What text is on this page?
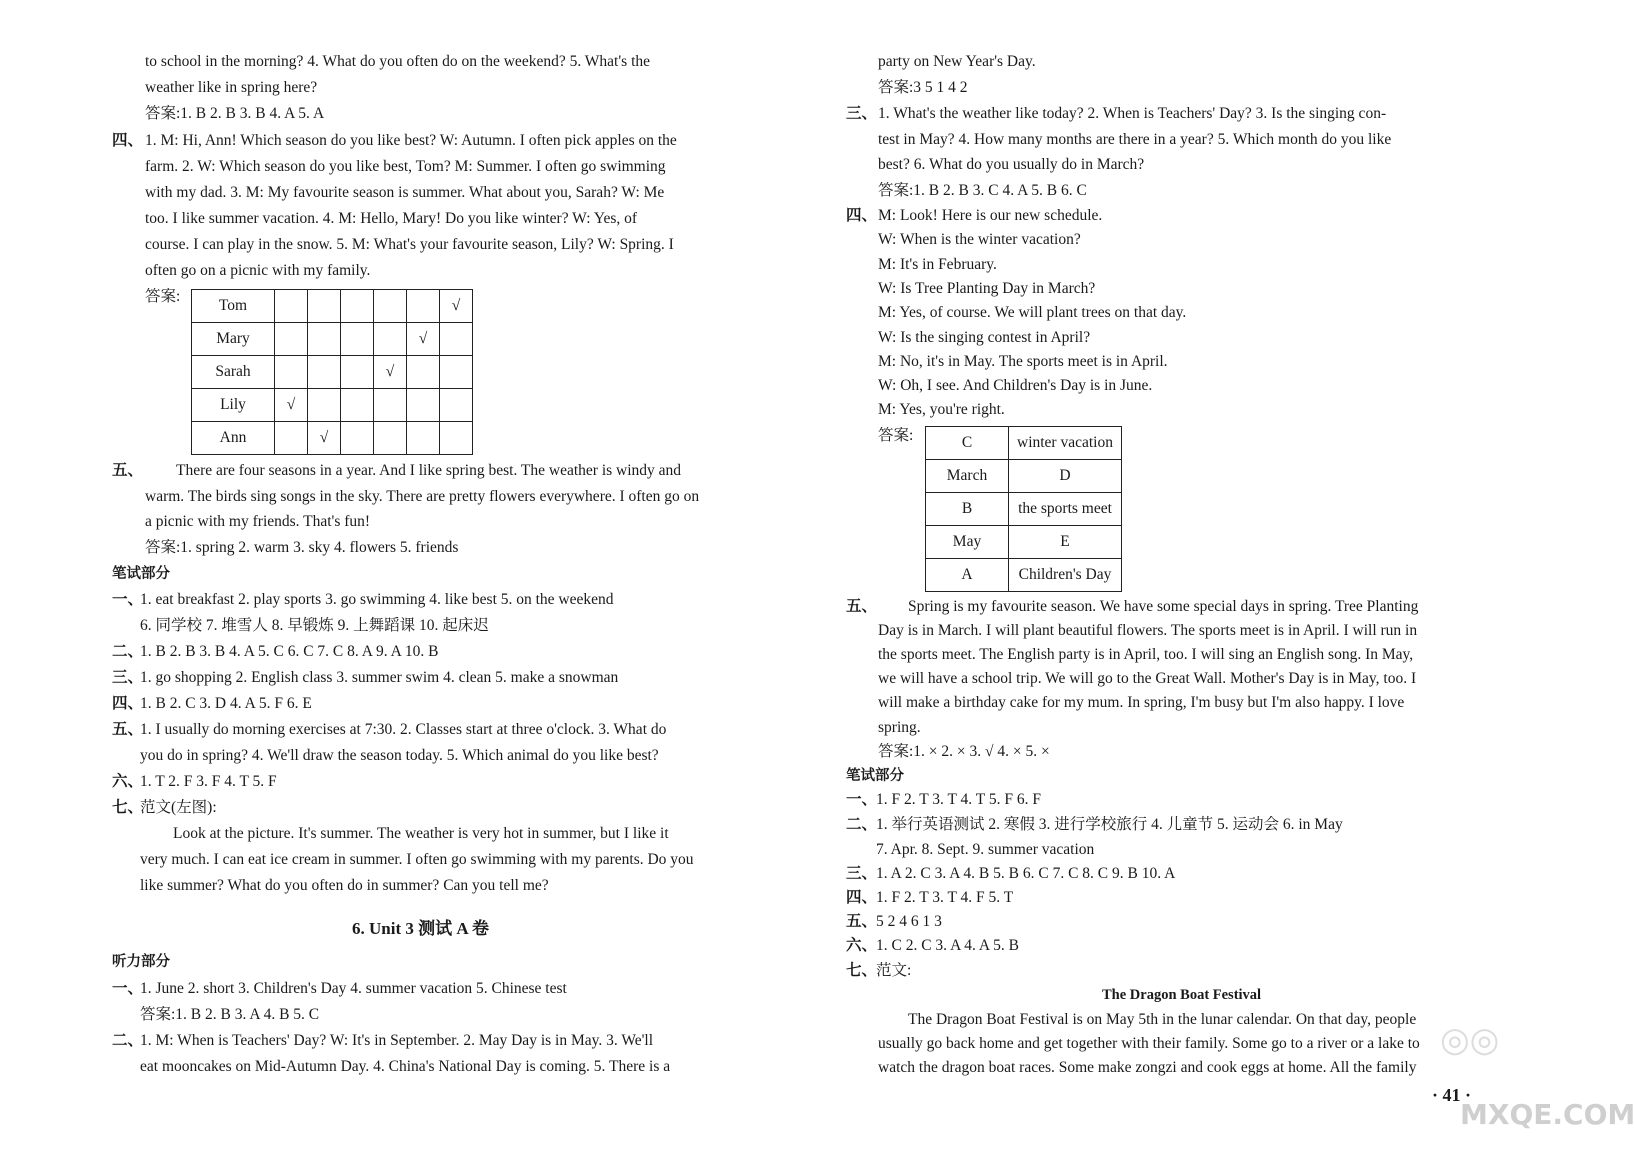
to school in the morning? 4. What do you often do on the weekend? 5. What's the
weather like in spring here?
答案:1. B 2. B 3. B 4. A 5. A
四、 1. M: Hi, Ann! Which season do you like best? W: Autumn. I often pick apples on the
farm. 2. W: Which season do you like best, Tom? M: Summer. I often go swimming
with my dad. 3. M: My favourite season is summer. What about you, Sarah? W: Me
too. I like summer vacation. 4. M: Hello, Mary! Do you like winter? W: Yes, of
course. I can play in the snow. 5. M: What's your favourite season, Lily? W: Spring. I
often go on a picnic with my family.
答案:
Tom						√
Mary					√	
Sarah				√		
Lily	√					
Ann		√				
五、 There are four seasons in a year. And I like spring best. The weather is windy and
warm. The birds sing songs in the sky. There are pretty flowers everywhere. I often go on
a picnic with my friends. That's fun!
答案:1. spring 2. warm 3. sky 4. flowers 5. friends
笔试部分
一、
1. eat breakfast 2. play sports 3. go swimming 4. like best 5. on the weekend
6. 同学校 7. 堆雪人 8. 早锻炼 9. 上舞蹈课 10. 起床迟
二、
1. B 2. B 3. B 4. A 5. C 6. C 7. C 8. A 9. A 10. B
三、
1. go shopping 2. English class 3. summer swim 4. clean 5. make a snowman
四、
1. B 2. C 3. D 4. A 5. F 6. E
五、
1. I usually do morning exercises at 7:30. 2. Classes start at three o'clock. 3. What do
you do in spring? 4. We'll draw the season today. 5. Which animal do you like best?
六、
1. T 2. F 3. F 4. T 5. F
七、
范文(左图):
Look at the picture. It's summer. The weather is very hot in summer, but I like it
very much. I can eat ice cream in summer. I often go swimming with my parents. Do you
like summer? What do you often do in summer? Can you tell me?
6. Unit 3 测试 A 卷
听力部分
一、
1. June 2. short 3. Children's Day 4. summer vacation 5. Chinese test
答案:1. B 2. B 3. A 4. B 5. C
二、
1. M: When is Teachers' Day? W: It's in September. 2. May Day is in May. 3. We'll
eat mooncakes on Mid-Autumn Day. 4. China's National Day is coming. 5. There is a
party on New Year's Day.
答案:3 5 1 4 2
三、 1. What's the weather like today? 2. When is Teachers' Day? 3. Is the singing con-
test in May? 4. How many months are there in a year? 5. Which month do you like
best? 6. What do you usually do in March?
答案:1. B 2. B 3. C 4. A 5. B 6. C
四、 M: Look! Here is our new schedule.
W: When is the winter vacation?
M: It's in February.
W: Is Tree Planting Day in March?
M: Yes, of course. We will plant trees on that day.
W: Is the singing contest in April?
M: No, it's in May. The sports meet is in April.
W: Oh, I see. And Children's Day is in June.
M: Yes, you're right.
答案:	C	winter vacation
March	D
B	the sports meet
May	E
A	Children's Day
五、 Spring is my favourite season. We have some special days in spring. Tree Planting
Day is in March. I will plant beautiful flowers. The sports meet is in April. I will run in
the sports meet. The English party is in April, too. I will sing an English song. In May,
we will have a school trip. We will go to the Great Wall. Mother's Day is in May, too. I
will make a birthday cake for my mum. In spring, I'm busy but I'm also happy. I love
spring.
答案:1. × 2. × 3. √ 4. × 5. ×
笔试部分
一、
1. F 2. T 3. T 4. T 5. F 6. F
二、
1. 举行英语测试 2. 寒假 3. 进行学校旅行 4. 儿童节 5. 运动会 6. in May
7. Apr. 8. Sept. 9. summer vacation
三、
1. A 2. C 3. A 4. B 5. B 6. C 7. C 8. C 9. B 10. A
四、
1. F 2. T 3. T 4. F 5. T
五、
5 2 4 6 1 3
六、
1. C 2. C 3. A 4. A 5. B
七、
范文:
The Dragon Boat Festival
The Dragon Boat Festival is on May 5th in the lunar calendar. On that day, people
usually go back home and get together with their family. Some go to a river or a lake to
watch the dragon boat races. Some make zongzi and cook eggs at home. All the family
· 41 ·
◎◎
MXQE.COM
